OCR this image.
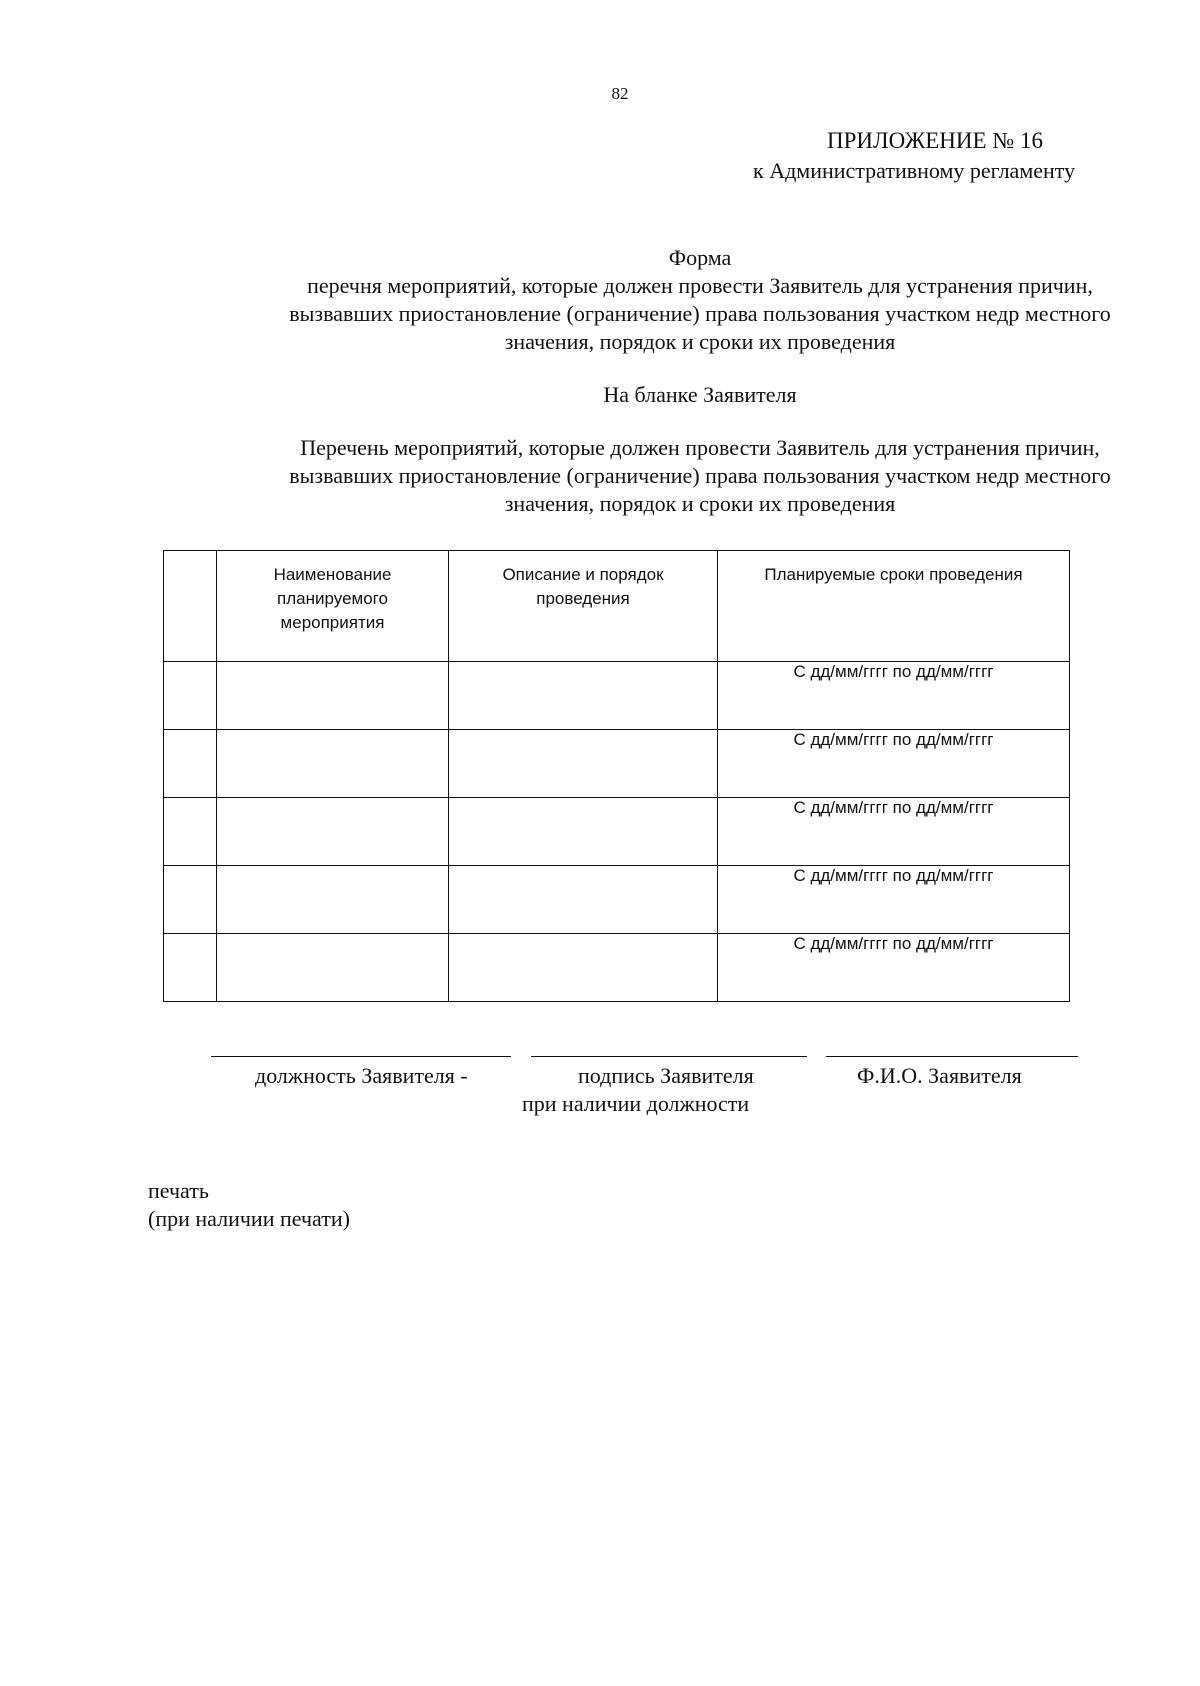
82
ПРИЛОЖЕНИЕ № 16
к Административному регламенту
Форма
перечня мероприятий, которые должен провести Заявитель для устранения причин,
вызвавших приостановление (ограничение) права пользования участком недр местного
значения, порядок и сроки их проведения
На бланке Заявителя
Перечень мероприятий, которые должен провести Заявитель для устранения причин,
вызвавших приостановление (ограничение) права пользования участком недр местного
значения, порядок и сроки их проведения
	Наименование планируемого мероприятия	Описание и порядок проведения	Планируемые сроки проведения
			С дд/мм/гггг по дд/мм/гггг
			С дд/мм/гггг по дд/мм/гггг
			С дд/мм/гггг по дд/мм/гггг
			С дд/мм/гггг по дд/мм/гггг
			С дд/мм/гггг по дд/мм/гггг
должность Заявителя -	подпись Заявителя
при наличии должности
Ф.И.О. Заявителя
печать
(при наличии печати)
